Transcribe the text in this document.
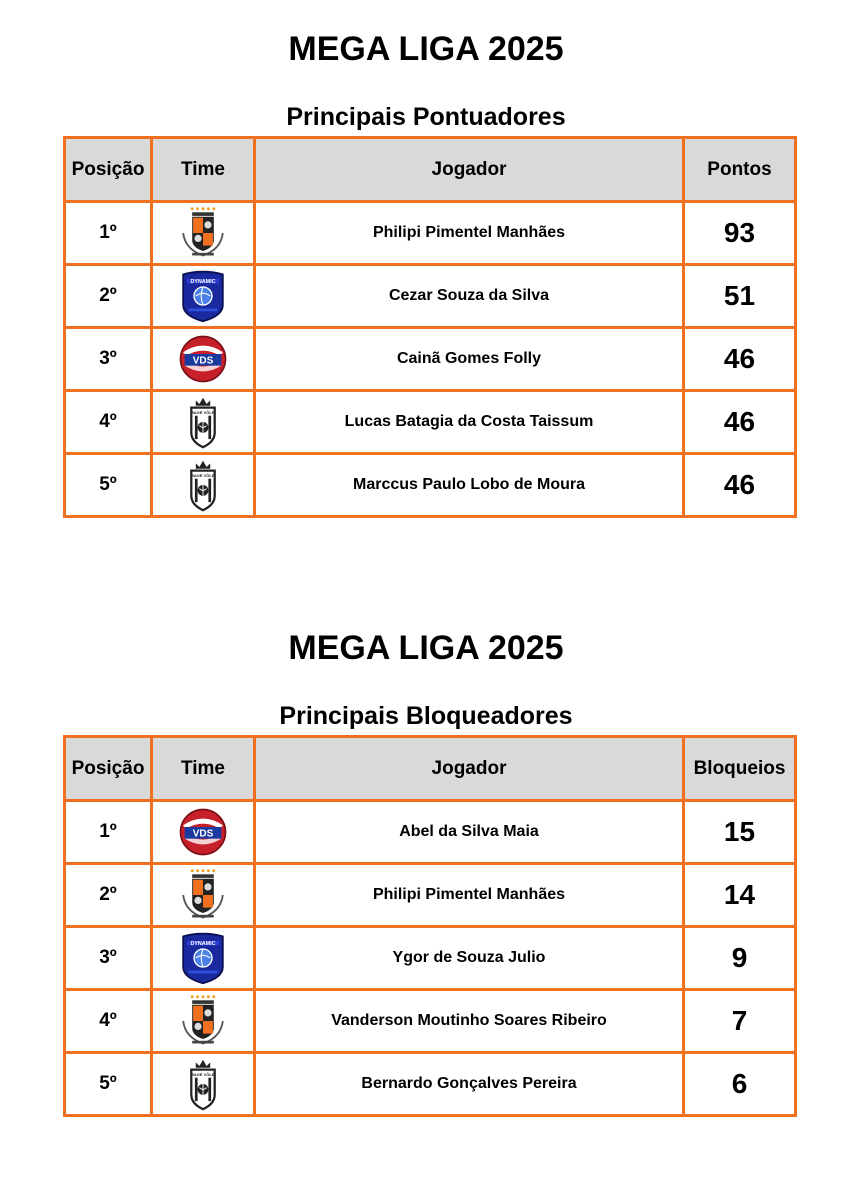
MEGA LIGA 2025
Principais Pontuadores
Posição	Time	Jogador	Pontos
1º		Philipi Pimentel Manhães	93
2º		Cezar Souza da Silva	51
3º		Cainã Gomes Folly	46
4º		Lucas Batagia da Costa Taissum	46
5º		Marccus Paulo Lobo de Moura	46
MEGA LIGA 2025
Principais Bloqueadores
Posição	Time	Jogador	Bloqueios
1º		Abel da Silva Maia	15
2º		Philipi Pimentel Manhães	14
3º		Ygor de Souza Julio	9
4º		Vanderson Moutinho Soares Ribeiro	7
5º		Bernardo Gonçalves Pereira	6
